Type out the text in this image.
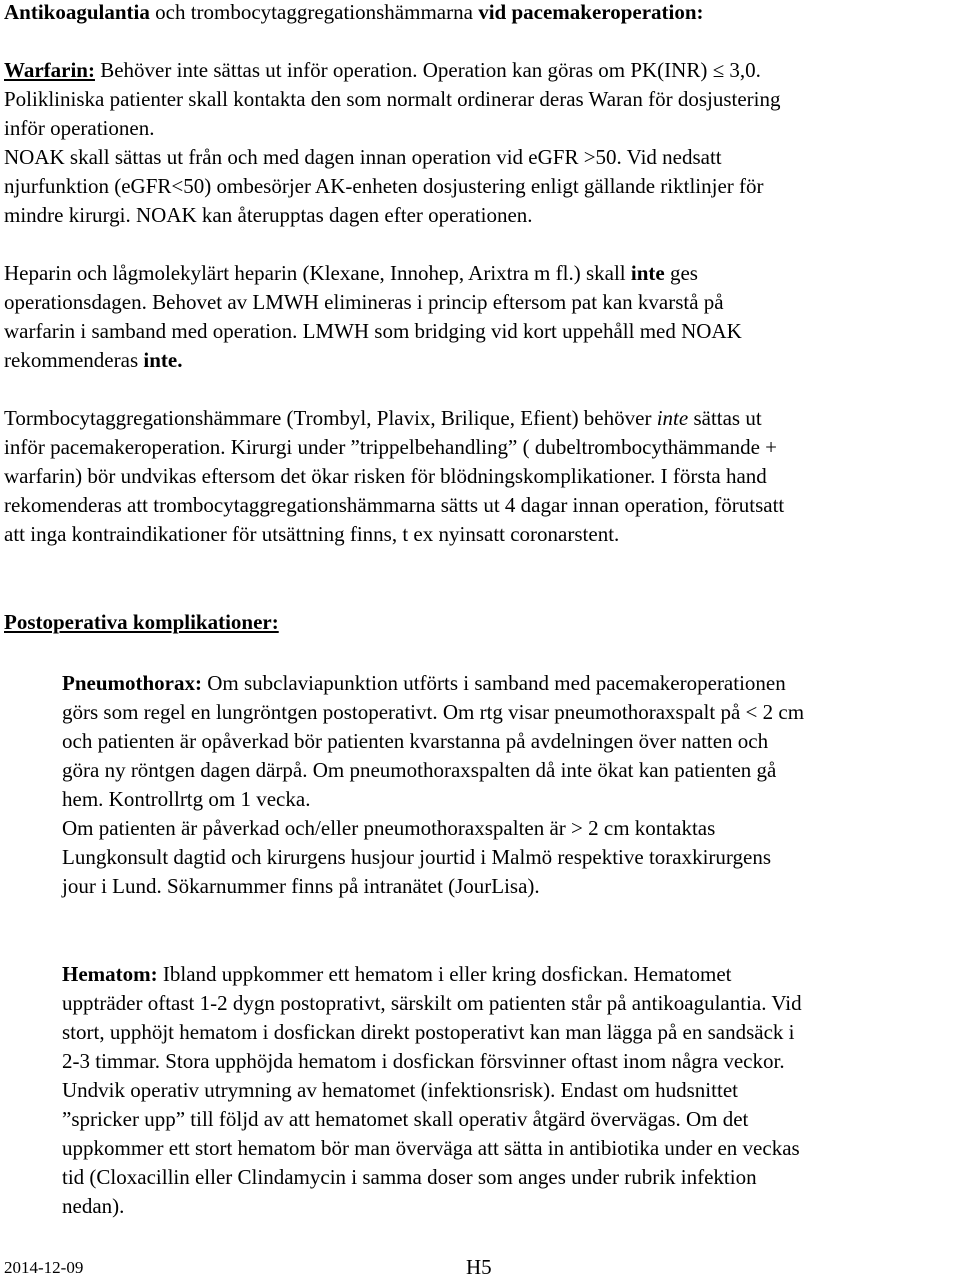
Antikoagulantia och trombocytaggregationshämmarna vid pacemakeroperation:
Warfarin: Behöver inte sättas ut inför operation. Operation kan göras om PK(INR) ≤ 3,0.
Polikliniska patienter skall kontakta den som normalt ordinerar deras Waran för dosjustering
inför operationen.
NOAK skall sättas ut från och med dagen innan operation vid eGFR >50. Vid nedsatt
njurfunktion (eGFR<50) ombesörjer AK-enheten dosjustering enligt gällande riktlinjer för
mindre kirurgi. NOAK kan återupptas dagen efter operationen.
Heparin och lågmolekylärt heparin (Klexane, Innohep, Arixtra m fl.) skall inte ges
operationsdagen. Behovet av LMWH elimineras i princip eftersom pat kan kvarstå på
warfarin i samband med operation. LMWH som bridging vid kort uppehåll med NOAK
rekommenderas inte.
Tormbocytaggregationshämmare (Trombyl, Plavix, Brilique, Efient) behöver inte sättas ut
inför pacemakeroperation. Kirurgi under ”trippelbehandling” ( dubeltrombocythämmande +
warfarin) bör undvikas eftersom det ökar risken för blödningskomplikationer. I första hand
rekomenderas att trombocytaggregationshämmarna sätts ut 4 dagar innan operation, förutsatt
att inga kontraindikationer för utsättning finns, t ex nyinsatt coronarstent.
Postoperativa komplikationer:
Pneumothorax: Om subclaviapunktion utförts i samband med pacemakeroperationen
görs som regel en lungröntgen postoperativt. Om rtg visar pneumothoraxspalt på < 2 cm
och patienten är opåverkad bör patienten kvarstanna på avdelningen över natten och
göra ny röntgen dagen därpå. Om pneumothoraxspalten då inte ökat kan patienten gå
hem. Kontrollrtg om 1 vecka.
Om patienten är påverkad och/eller pneumothoraxspalten är > 2 cm kontaktas
Lungkonsult dagtid och kirurgens husjour jourtid i Malmö respektive toraxkirurgens
jour i Lund. Sökarnummer finns på intranätet (JourLisa).
Hematom: Ibland uppkommer ett hematom i eller kring dosfickan. Hematomet
uppträder oftast 1-2 dygn postoprativt, särskilt om patienten står på antikoagulantia. Vid
stort, upphöjt hematom i dosfickan direkt postoperativt kan man lägga på en sandsäck i
2-3 timmar. Stora upphöjda hematom i dosfickan försvinner oftast inom några veckor.
Undvik operativ utrymning av hematomet (infektionsrisk). Endast om hudsnittet
”spricker upp” till följd av att hematomet skall operativ åtgärd övervägas. Om det
uppkommer ett stort hematom bör man överväga att sätta in antibiotika under en veckas
tid (Cloxacillin eller Clindamycin i samma doser som anges under rubrik infektion
nedan).
2014-12-09	H5
